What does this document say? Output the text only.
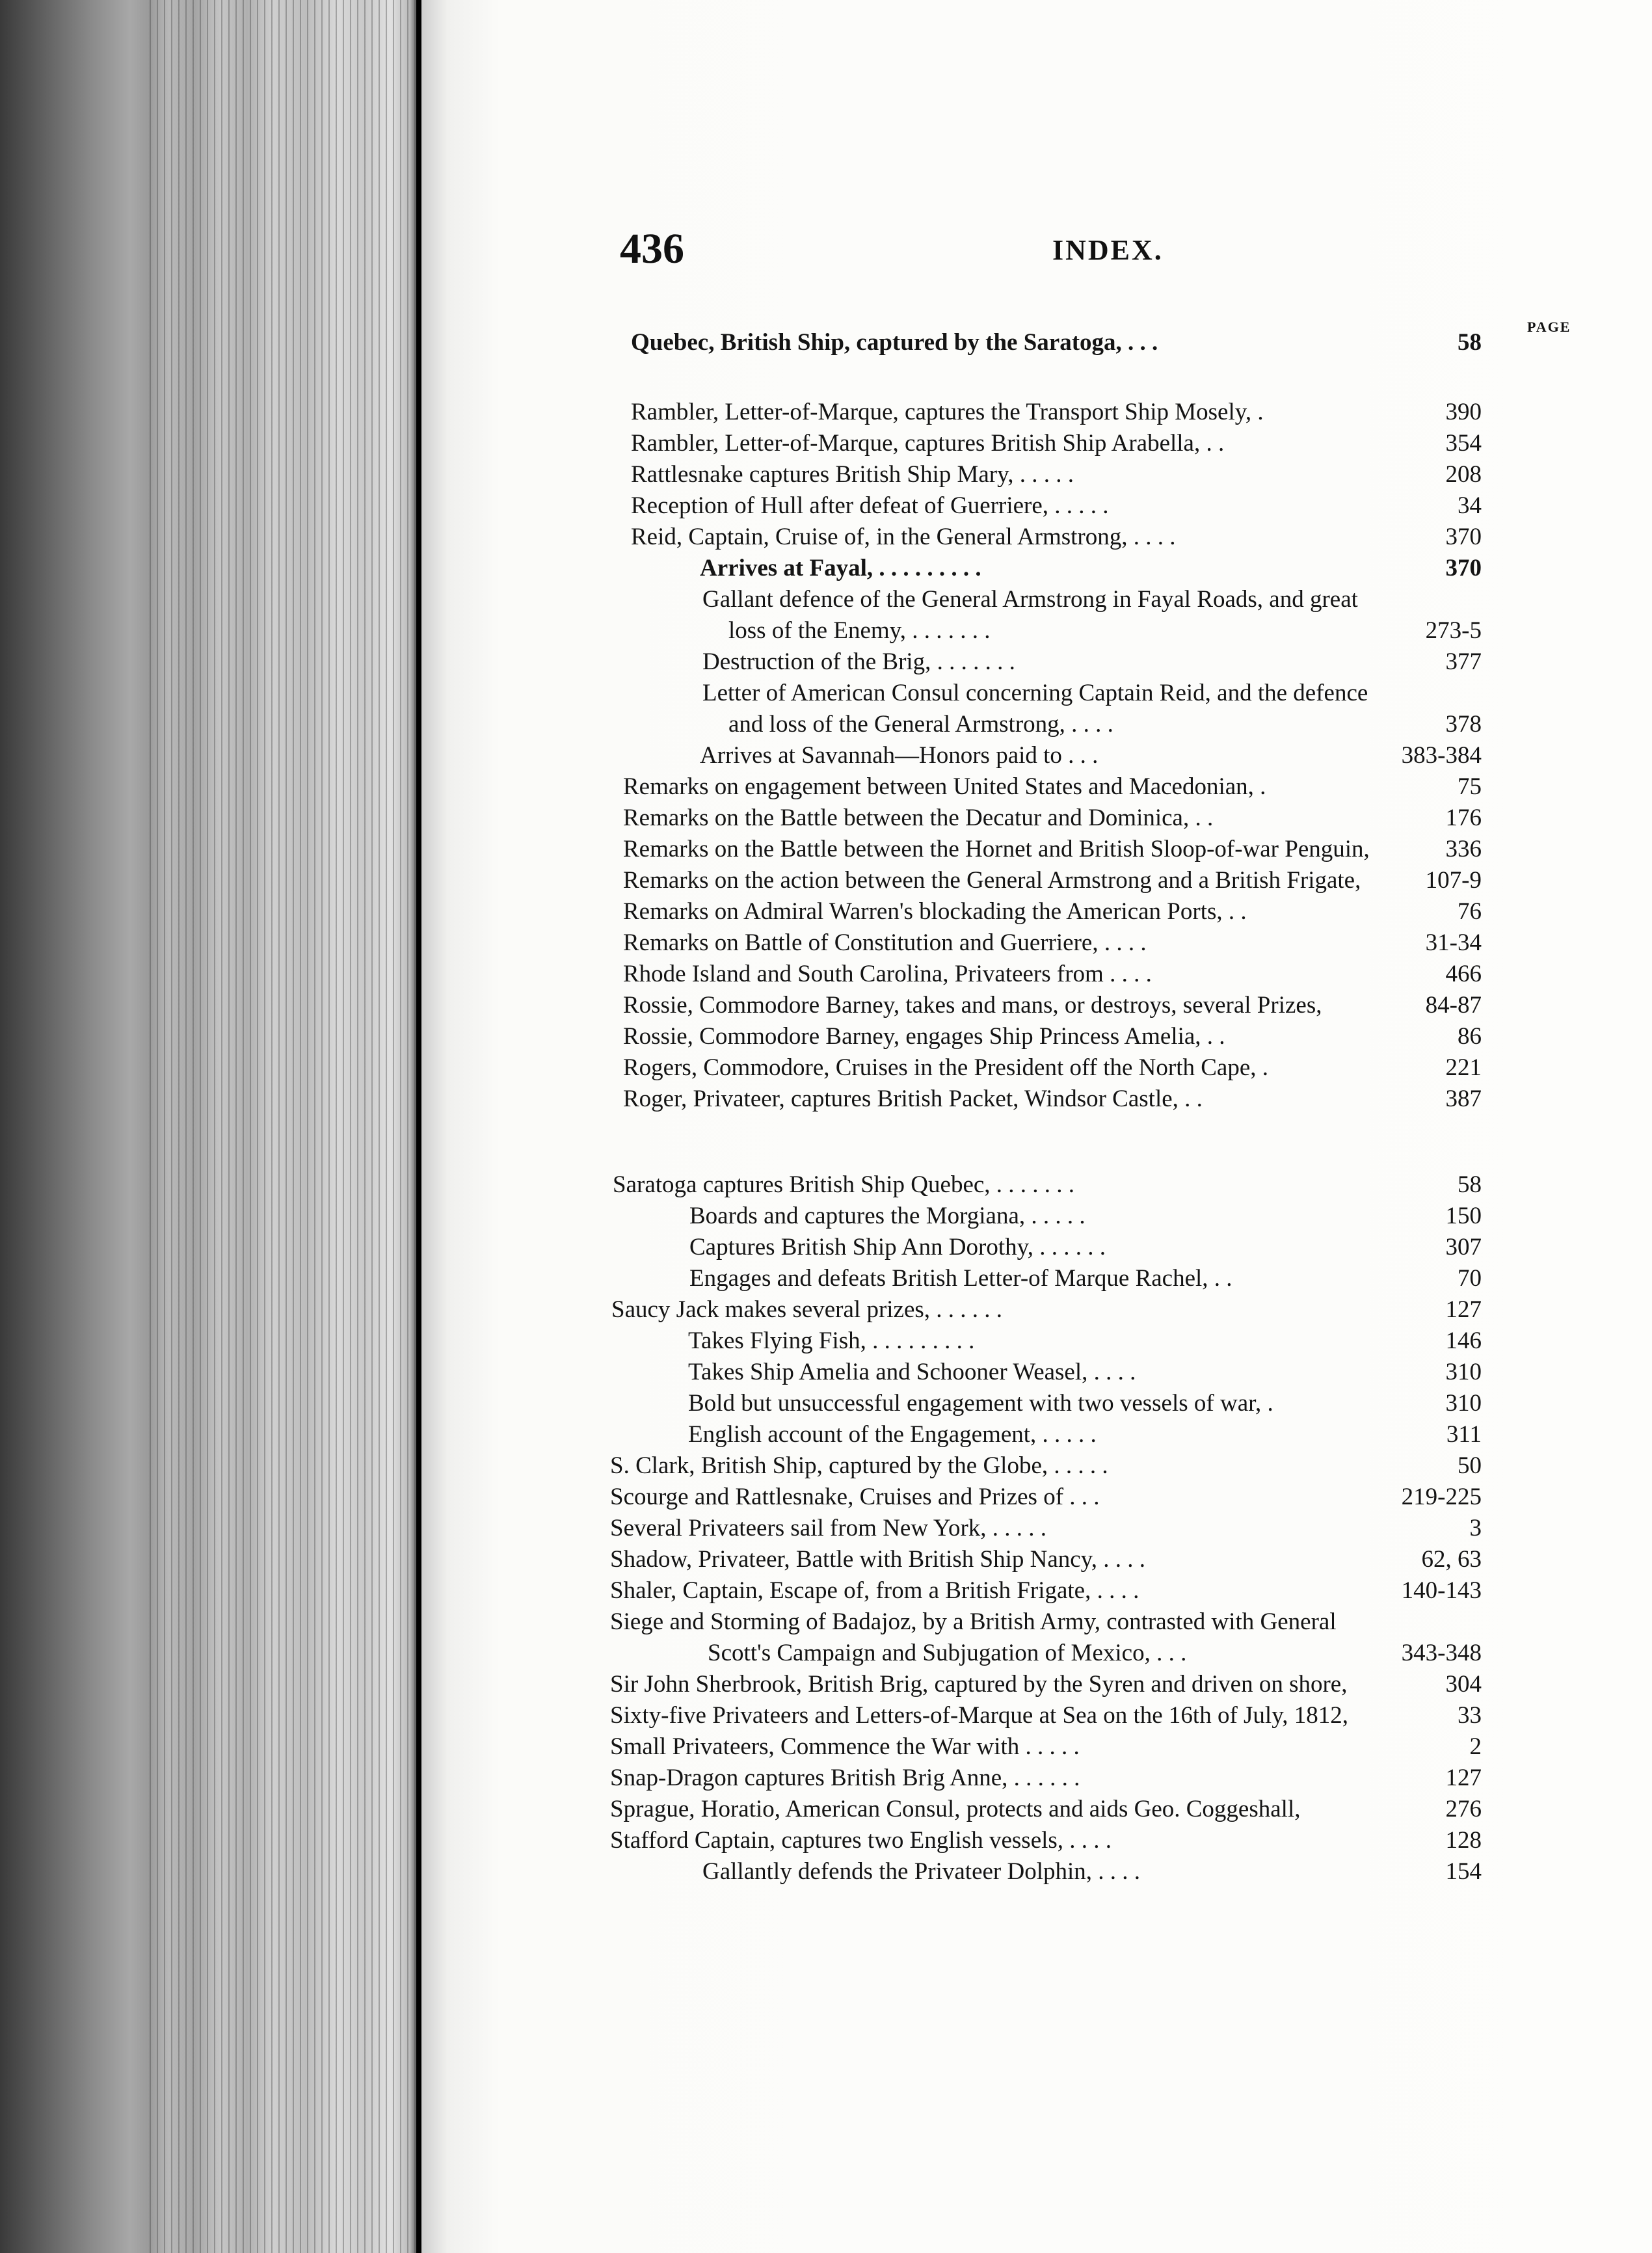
436	INDEX.
PAGE
Quebec, British Ship, captured by the Saratoga, . . .	58
Rambler, Letter-of-Marque, captures the Transport Ship Mosely, .	390
Rambler, Letter-of-Marque, captures British Ship Arabella, . .	354
Rattlesnake captures British Ship Mary, . . . . .	208
Reception of Hull after defeat of Guerriere, . . . . .	34
Reid, Captain, Cruise of, in the General Armstrong, . . . .	370
Arrives at Fayal, . . . . . . . . .	370
Gallant defence of the General Armstrong in Fayal Roads, and great
loss of the Enemy, . . . . . . .	273-5
Destruction of the Brig, . . . . . . .	377
Letter of American Consul concerning Captain Reid, and the defence
and loss of the General Armstrong, . . . .	378
Arrives at Savannah—Honors paid to . . .	383-384
Remarks on engagement between United States and Macedonian, .	75
Remarks on the Battle between the Decatur and Dominica, . .	176
Remarks on the Battle between the Hornet and British Sloop-of-war Penguin,	336
Remarks on the action between the General Armstrong and a British Frigate,	107-9
Remarks on Admiral Warren's blockading the American Ports, . .	76
Remarks on Battle of Constitution and Guerriere, . . . .	31-34
Rhode Island and South Carolina, Privateers from . . . .	466
Rossie, Commodore Barney, takes and mans, or destroys, several Prizes,	84-87
Rossie, Commodore Barney, engages Ship Princess Amelia, . .	86
Rogers, Commodore, Cruises in the President off the North Cape, .	221
Roger, Privateer, captures British Packet, Windsor Castle, . .	387
Saratoga captures British Ship Quebec, . . . . . . .	58
Boards and captures the Morgiana, . . . . .	150
Captures British Ship Ann Dorothy, . . . . . .	307
Engages and defeats British Letter-of Marque Rachel, . .	70
Saucy Jack makes several prizes, . . . . . .	127
Takes Flying Fish, . . . . . . . . .	146
Takes Ship Amelia and Schooner Weasel, . . . .	310
Bold but unsuccessful engagement with two vessels of war, .	310
English account of the Engagement, . . . . .	311
S. Clark, British Ship, captured by the Globe, . . . . .	50
Scourge and Rattlesnake, Cruises and Prizes of . . .	219-225
Several Privateers sail from New York, . . . . .	3
Shadow, Privateer, Battle with British Ship Nancy, . . . .	62, 63
Shaler, Captain, Escape of, from a British Frigate, . . . .	140-143
Siege and Storming of Badajoz, by a British Army, contrasted with General
Scott's Campaign and Subjugation of Mexico, . . .	343-348
Sir John Sherbrook, British Brig, captured by the Syren and driven on shore,	304
Sixty-five Privateers and Letters-of-Marque at Sea on the 16th of July, 1812,	33
Small Privateers, Commence the War with . . . . .	2
Snap-Dragon captures British Brig Anne, . . . . . .	127
Sprague, Horatio, American Consul, protects and aids Geo. Coggeshall,	276
Stafford Captain, captures two English vessels, . . . .	128
Gallantly defends the Privateer Dolphin, . . . .	154
